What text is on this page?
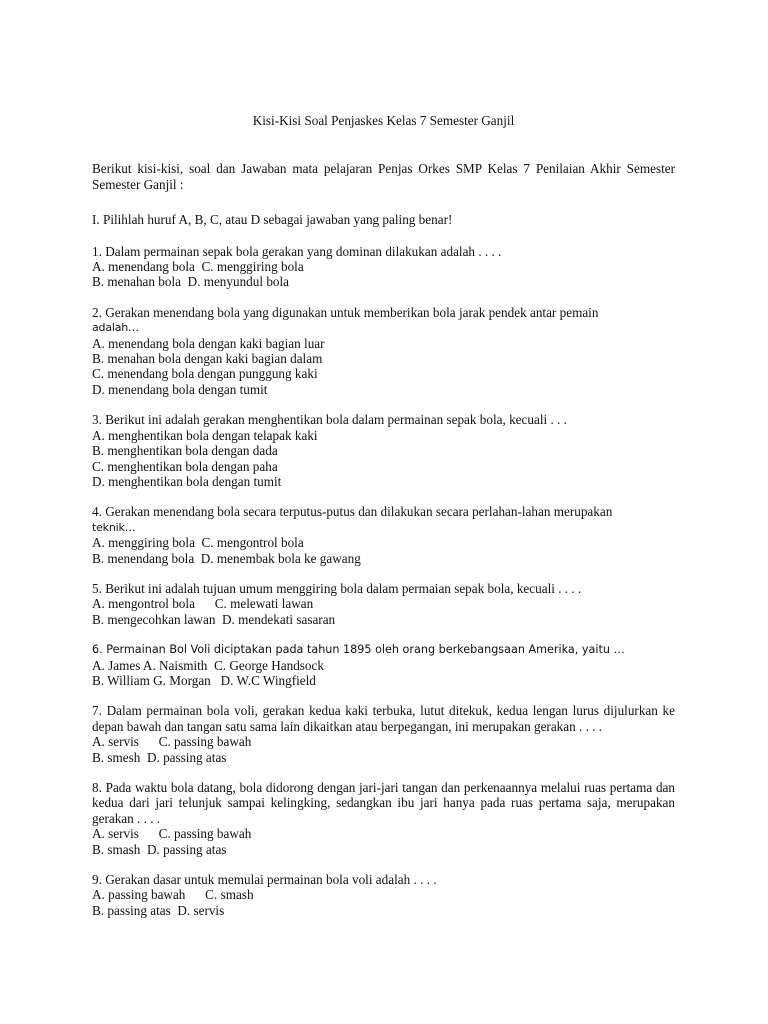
Kisi-Kisi Soal Penjaskes Kelas 7 Semester Ganjil

Berikut kisi-kisi, soal dan Jawaban mata pelajaran Penjas Orkes SMP Kelas 7 Penilaian Akhir Semester Semester Ganjil :

I. Pilihlah huruf A, B, C, atau D sebagai jawaban yang paling benar!

1. Dalam permainan sepak bola gerakan yang dominan dilakukan adalah . . . .
A. menendang bola  C. menggiring bola
B. menahan bola  D. menyundul bola
2. Gerakan menendang bola yang digunakan untuk memberikan bola jarak pendek antar pemain
adalah…
A. menendang bola dengan kaki bagian luar
B. menahan bola dengan kaki bagian dalam
C. menendang bola dengan punggung kaki
D. menendang bola dengan tumit
3. Berikut ini adalah gerakan menghentikan bola dalam permainan sepak bola, kecuali . . .
A. menghentikan bola dengan telapak kaki
B. menghentikan bola dengan dada
C. menghentikan bola dengan paha
D. menghentikan bola dengan tumit
4. Gerakan menendang bola secara terputus-putus dan dilakukan secara perlahan-lahan merupakan
teknik…
A. menggiring bola  C. mengontrol bola
B. menendang bola  D. menembak bola ke gawang
5. Berikut ini adalah tujuan umum menggiring bola dalam permaian sepak bola, kecuali . . . .
A. mengontrol bola      C. melewati lawan
B. mengecohkan lawan  D. mendekati sasaran
6. Permainan Bol Voli diciptakan pada tahun 1895 oleh orang berkebangsaan Amerika, yaitu …
A. James A. Naismith  C. George Handsock
B. William G. Morgan   D. W.C Wingfield
7. Dalam permainan bola voli, gerakan kedua kaki terbuka, lutut ditekuk, kedua lengan lurus dijulurkan ke depan bawah dan tangan satu sama lain dikaitkan atau berpegangan, ini merupakan gerakan . . . .
A. servis      C. passing bawah
B. smesh  D. passing atas
8. Pada waktu bola datang, bola didorong dengan jari-jari tangan dan perkenaannya melalui ruas pertama dan kedua dari jari telunjuk sampai kelingking, sedangkan ibu jari hanya pada ruas pertama saja, merupakan gerakan . . . .
A. servis      C. passing bawah
B. smash  D. passing atas
9. Gerakan dasar untuk memulai permainan bola voli adalah . . . .
A. passing bawah      C. smash
B. passing atas  D. servis
